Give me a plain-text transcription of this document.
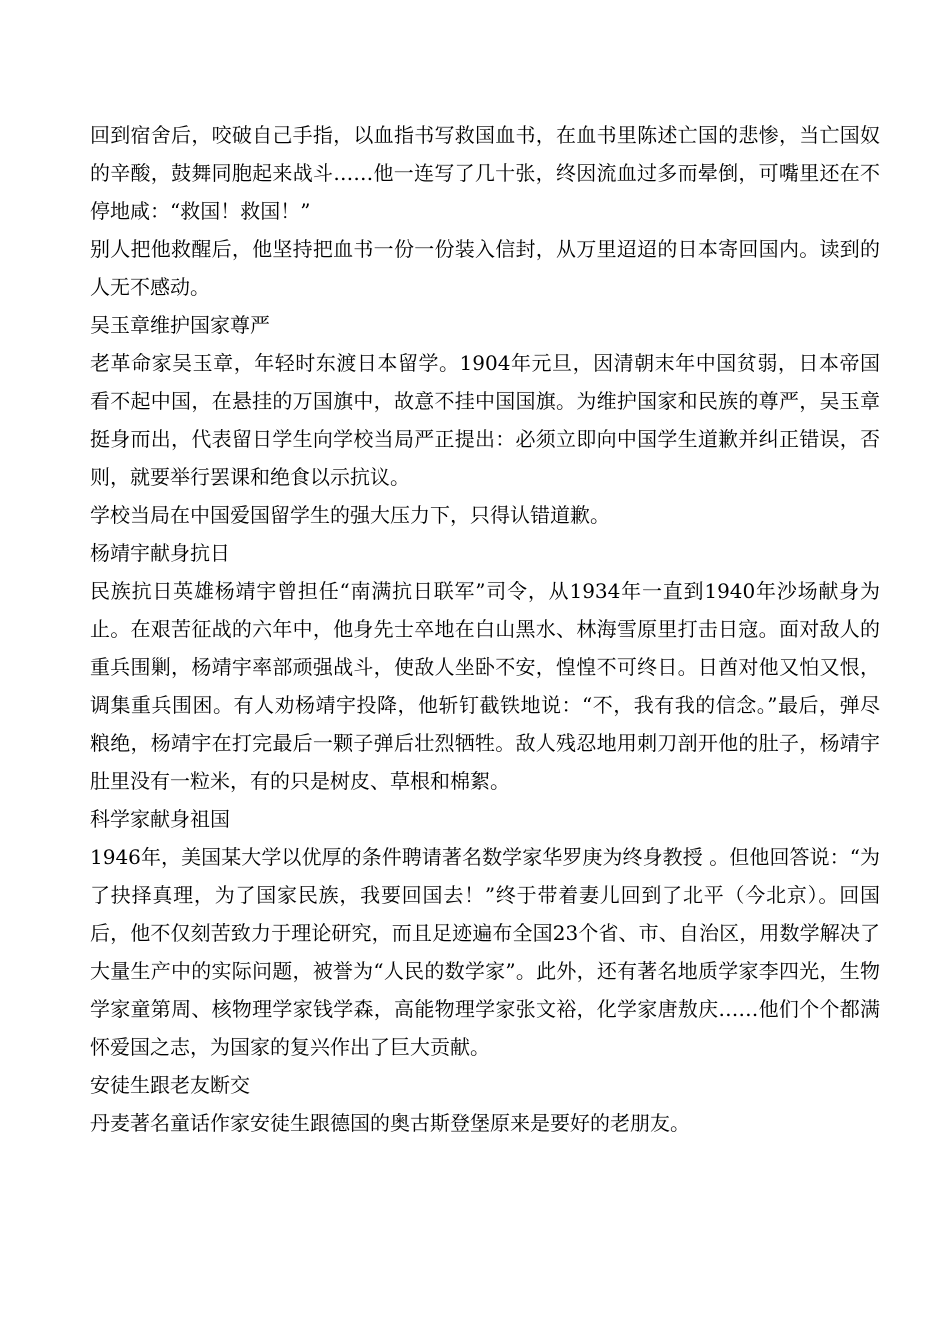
回到宿舍后，咬破自己手指，以血指书写救国血书，在血书里陈述亡国的悲惨，当亡国奴的辛酸，鼓舞同胞起来战斗……他一连写了几十张，终因流血过多而晕倒，可嘴里还在不停地咸：“救国！救国！”

别人把他救醒后，他坚持把血书一份一份装入信封，从万里迢迢的日本寄回国内。读到的人无不感动。

吴玉章维护国家尊严

老革命家吴玉章，年轻时东渡日本留学。1904年元旦，因清朝末年中国贫弱，日本帝国看不起中国，在悬挂的万国旗中，故意不挂中国国旗。为维护国家和民族的尊严，吴玉章挺身而出，代表留日学生向学校当局严正提出：必须立即向中国学生道歉并纠正错误，否则，就要举行罢课和绝食以示抗议。

学校当局在中国爱国留学生的强大压力下，只得认错道歉。

杨靖宇献身抗日

民族抗日英雄杨靖宇曾担任“南满抗日联军”司令，从1934年一直到1940年沙场献身为止。在艰苦征战的六年中，他身先士卒地在白山黑水、林海雪原里打击日寇。面对敌人的重兵围剿，杨靖宇率部顽强战斗，使敌人坐卧不安，惶惶不可终日。日酋对他又怕又恨，调集重兵围困。有人劝杨靖宇投降，他斩钉截铁地说：“不，我有我的信念。”最后，弹尽粮绝，杨靖宇在打完最后一颗子弹后壮烈牺牲。敌人残忍地用刺刀剖开他的肚子，杨靖宇肚里没有一粒米，有的只是树皮、草根和棉絮。

科学家献身祖国

1946年，美国某大学以优厚的条件聘请著名数学家华罗庚为终身教授 。但他回答说：“为了抉择真理，为了国家民族，我要回国去！”终于带着妻儿回到了北平（今北京）。回国后，他不仅刻苦致力于理论研究，而且足迹遍布全国23个省、市、自治区，用数学解决了大量生产中的实际问题，被誉为“人民的数学家”。此外，还有著名地质学家李四光，生物学家童第周、核物理学家钱学森，高能物理学家张文裕，化学家唐敖庆……他们个个都满怀爱国之志，为国家的复兴作出了巨大贡献。

安徒生跟老友断交

丹麦著名童话作家安徒生跟德国的奥古斯登堡原来是要好的老朋友。
